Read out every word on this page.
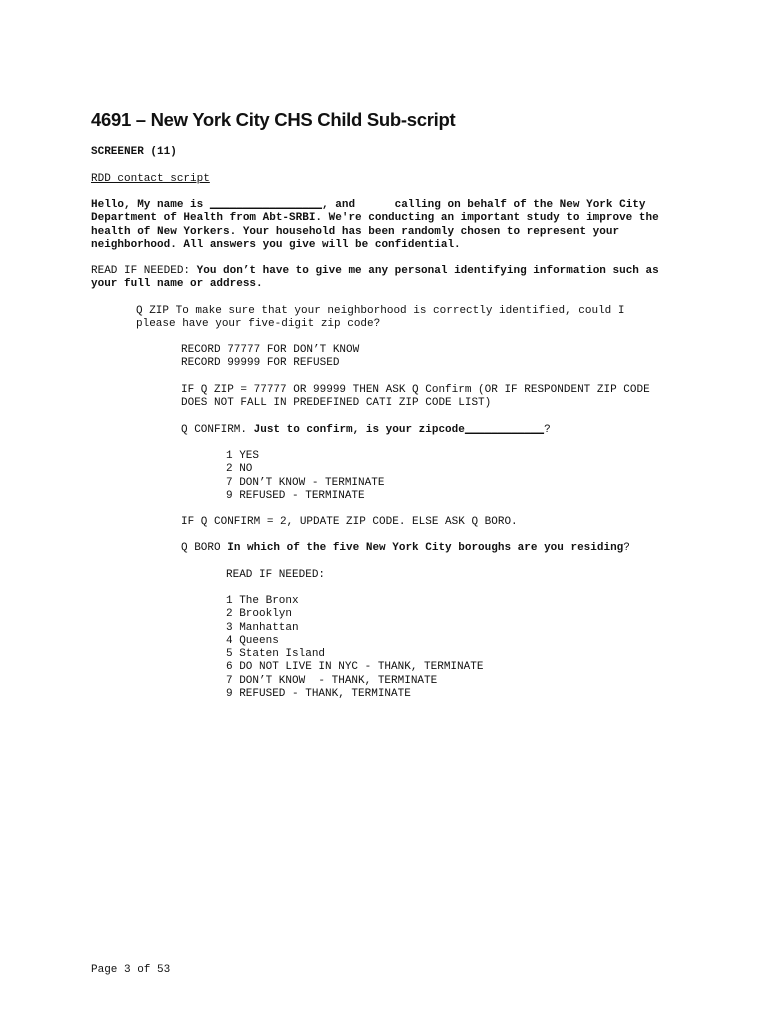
4691 – New York City CHS Child Sub-script
SCREENER (11)
RDD contact script
Hello, My name is _________________, and      calling on behalf of the New York City
Department of Health from Abt-SRBI. We're conducting an important study to improve the
health of New Yorkers. Your household has been randomly chosen to represent your
neighborhood. All answers you give will be confidential.
READ IF NEEDED: You don’t have to give me any personal identifying information such as
your full name or address.
Q ZIP To make sure that your neighborhood is correctly identified, could I
please have your five-digit zip code?
RECORD 77777 FOR DON’T KNOW
RECORD 99999 FOR REFUSED
IF Q ZIP = 77777 OR 99999 THEN ASK Q Confirm (OR IF RESPONDENT ZIP CODE
DOES NOT FALL IN PREDEFINED CATI ZIP CODE LIST)
Q CONFIRM. Just to confirm, is your zipcode____________?
1 YES
2 NO
7 DON’T KNOW - TERMINATE
9 REFUSED - TERMINATE
IF Q CONFIRM = 2, UPDATE ZIP CODE. ELSE ASK Q BORO.
Q BORO In which of the five New York City boroughs are you residing?
READ IF NEEDED:
1 The Bronx
2 Brooklyn
3 Manhattan
4 Queens
5 Staten Island
6 DO NOT LIVE IN NYC - THANK, TERMINATE
7 DON’T KNOW  - THANK, TERMINATE
9 REFUSED - THANK, TERMINATE
Page 3 of 53
